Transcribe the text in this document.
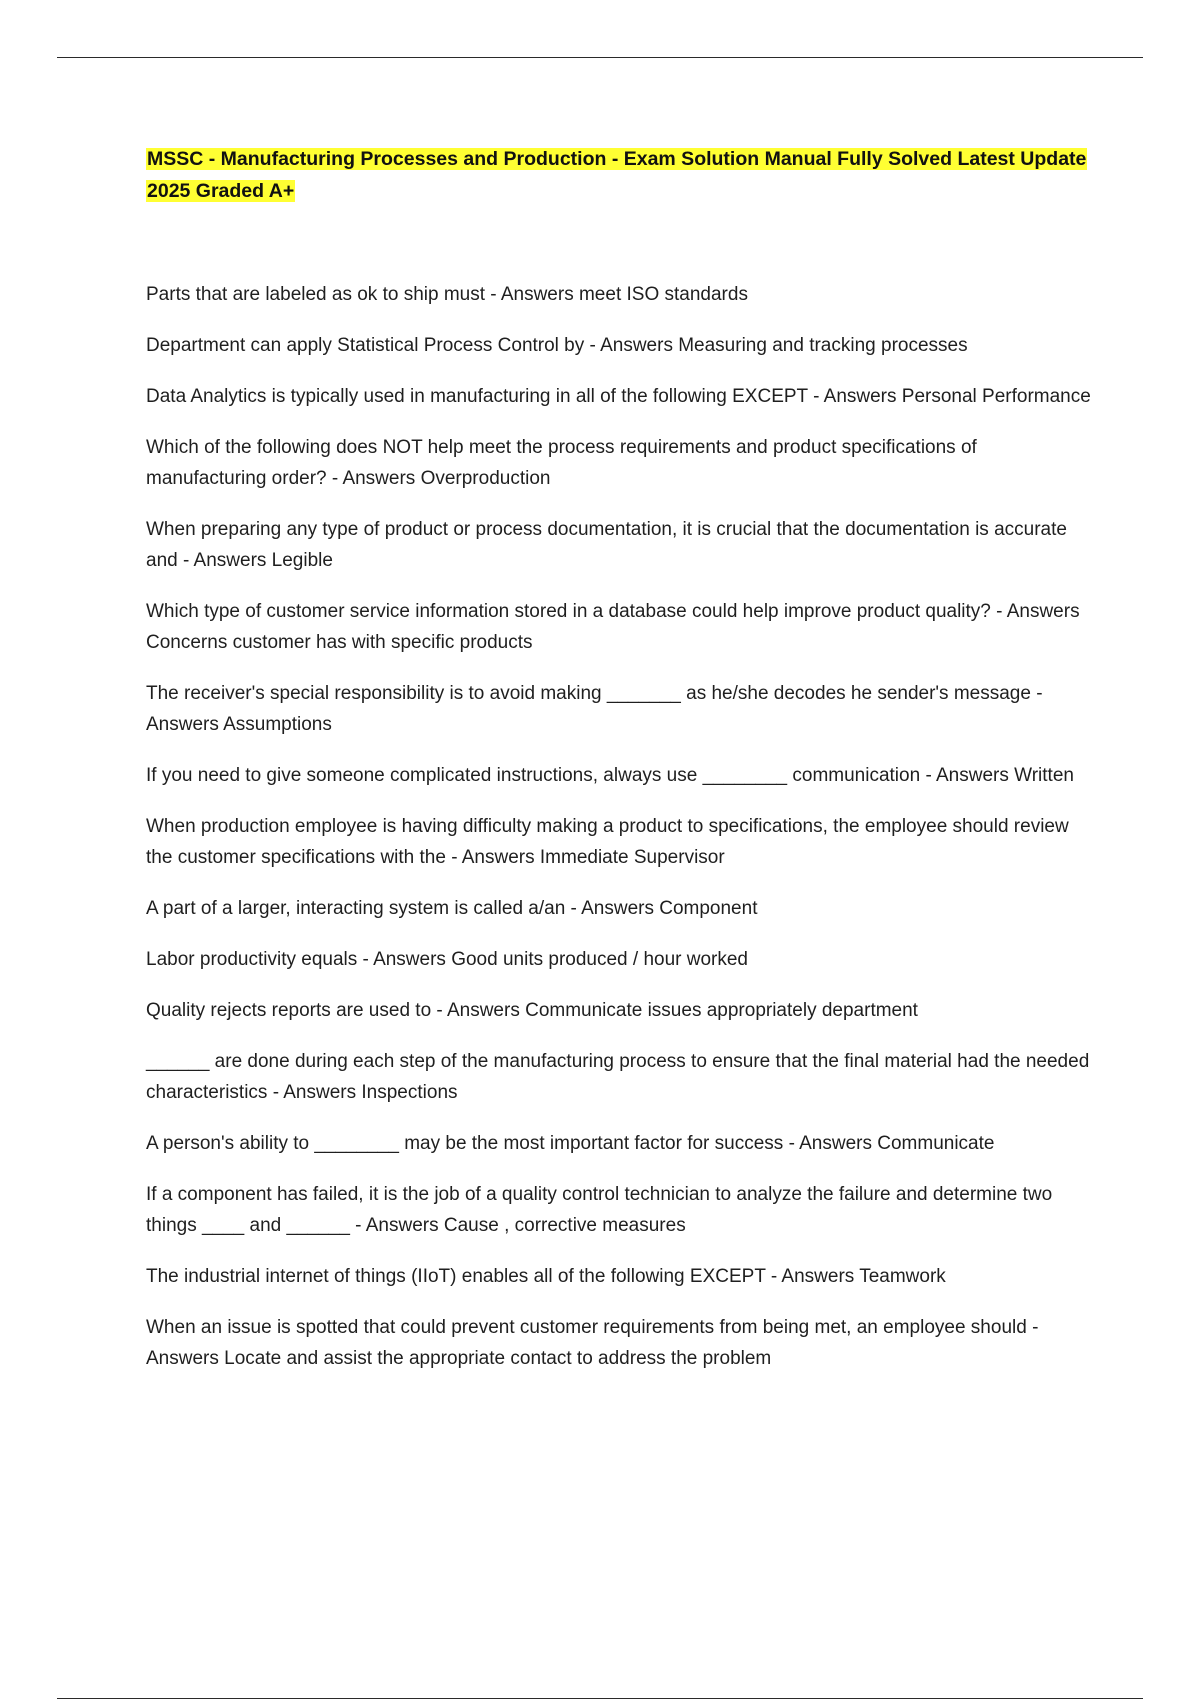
MSSC - Manufacturing Processes and Production - Exam Solution Manual Fully Solved Latest Update 2025 Graded A+
Parts that are labeled as ok to ship must - Answers meet ISO standards
Department can apply Statistical Process Control by - Answers Measuring and tracking processes
Data Analytics is typically used in manufacturing in all of the following EXCEPT - Answers Personal Performance
Which of the following does NOT help meet the process requirements and product specifications of manufacturing order? - Answers Overproduction
When preparing any type of product or process documentation, it is crucial that the documentation is accurate and - Answers Legible
Which type of customer service information stored in a database could help improve product quality? - Answers Concerns customer has with specific products
The receiver's special responsibility is to avoid making _______ as he/she decodes he sender's message - Answers Assumptions
If you need to give someone complicated instructions, always use ________ communication - Answers Written
When production employee is having difficulty making a product to specifications, the employee should review the customer specifications with the - Answers Immediate Supervisor
A part of a larger, interacting system is called a/an - Answers Component
Labor productivity equals - Answers Good units produced / hour worked
Quality rejects reports are used to - Answers Communicate issues appropriately department
______ are done during each step of the manufacturing process to ensure that the final material had the needed characteristics - Answers Inspections
A person's ability to ________ may be the most important factor for success - Answers Communicate
If a component has failed, it is the job of a quality control technician to analyze the failure and determine two things ____ and ______ - Answers Cause , corrective measures
The industrial internet of things (IIoT) enables all of the following EXCEPT - Answers Teamwork
When an issue is spotted that could prevent customer requirements from being met, an employee should - Answers Locate and assist the appropriate contact to address the problem
